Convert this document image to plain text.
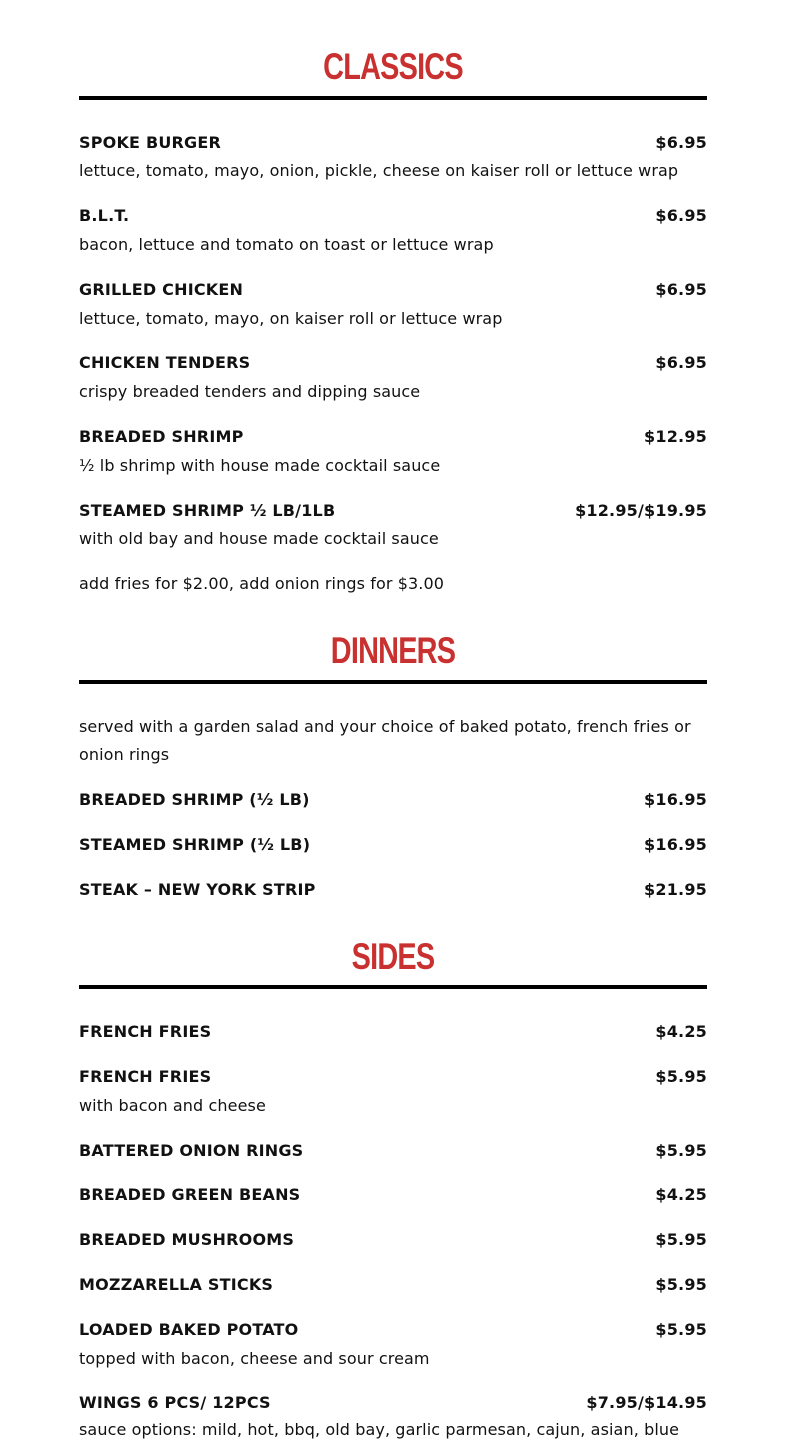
CLASSICS
SPOKE BURGER	$6.95
lettuce, tomato, mayo, onion, pickle, cheese on kaiser roll or lettuce wrap
B.L.T.	$6.95
bacon, lettuce and tomato on toast or lettuce wrap
GRILLED CHICKEN	$6.95
lettuce, tomato, mayo, on kaiser roll or lettuce wrap
CHICKEN TENDERS	$6.95
crispy breaded tenders and dipping sauce
BREADED SHRIMP	$12.95
½ lb shrimp with house made cocktail sauce
STEAMED SHRIMP ½ LB/1LB	$12.95/$19.95
with old bay and house made cocktail sauce
add fries for $2.00, add onion rings for $3.00
DINNERS
served with a garden salad and your choice of baked potato, french fries or onion rings
BREADED SHRIMP (½ LB)	$16.95
STEAMED SHRIMP (½ LB)	$16.95
STEAK – NEW YORK STRIP	$21.95
SIDES
FRENCH FRIES	$4.25
FRENCH FRIES	$5.95
with bacon and cheese
BATTERED ONION RINGS	$5.95
BREADED GREEN BEANS	$4.25
BREADED MUSHROOMS	$5.95
MOZZARELLA STICKS	$5.95
LOADED BAKED POTATO	$5.95
topped with bacon, cheese and sour cream
WINGS 6 PCS/ 12PCS	$7.95/$14.95
sauce options: mild, hot, bbq, old bay, garlic parmesan, cajun, asian, blue
